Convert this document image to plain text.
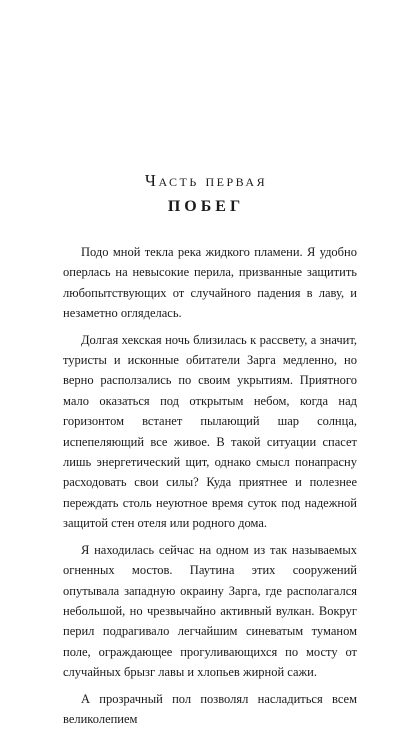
Часть первая
ПОБЕГ

Подо мной текла река жидкого пламени. Я удобно оперлась на невысокие перила, призванные защитить любопытствующих от случайного падения в лаву, и незаметно огляделась.

Долгая хекская ночь близилась к рассвету, а значит, туристы и исконные обитатели Зарга медленно, но верно расползались по своим укрытиям. Приятного мало оказаться под открытым небом, когда над горизонтом встанет пылающий шар солнца, испепеляющий все живое. В такой ситуации спасет лишь энергетический щит, однако смысл понапрасну расходовать свои силы? Куда приятнее и полезнее переждать столь неуютное время суток под надежной защитой стен отеля или родного дома.

Я находилась сейчас на одном из так называемых огненных мостов. Паутина этих сооружений опутывала западную окраину Зарга, где располагался небольшой, но чрезвычайно активный вулкан. Вокруг перил подрагивало легчайшим синеватым туманом поле, ограждающее прогуливающихся по мосту от случайных брызг лавы и хлопьев жирной сажи.

А прозрачный пол позволял насладиться всем великолепием
